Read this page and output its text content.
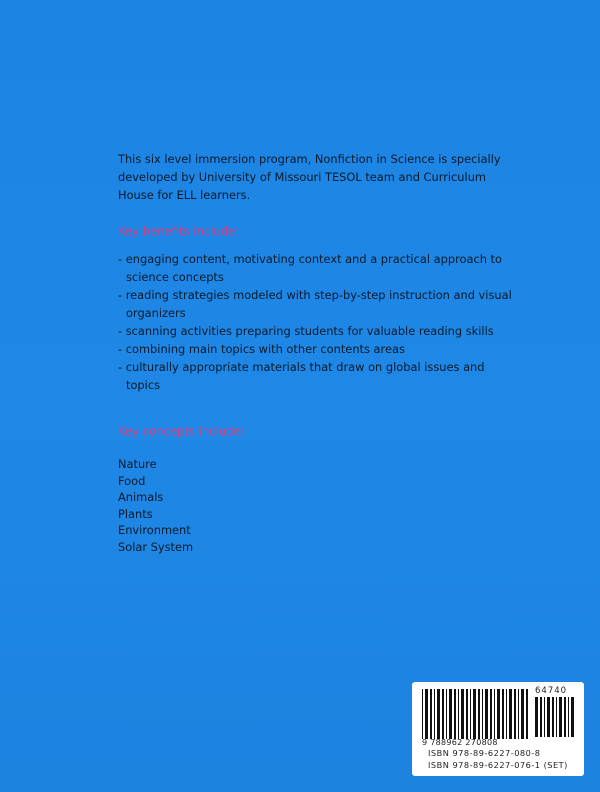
This six level immersion program, Nonfiction in Science is specially developed by University of Missouri TESOL team and Curriculum House for ELL learners.

Key benefits include:

- engaging content, motivating context and a practical approach to science concepts
- reading strategies modeled with step-by-step instruction and visual organizers
- scanning activities preparing students for valuable reading skills
- combining main topics with other contents areas
- culturally appropriate materials that draw on global issues and topics

Key concepts include:

Nature
Food
Animals
Plants
Environment
Solar System
64740
9 788962 270808
ISBN 978-89-6227-080-8
ISBN 978-89-6227-076-1 (SET)
